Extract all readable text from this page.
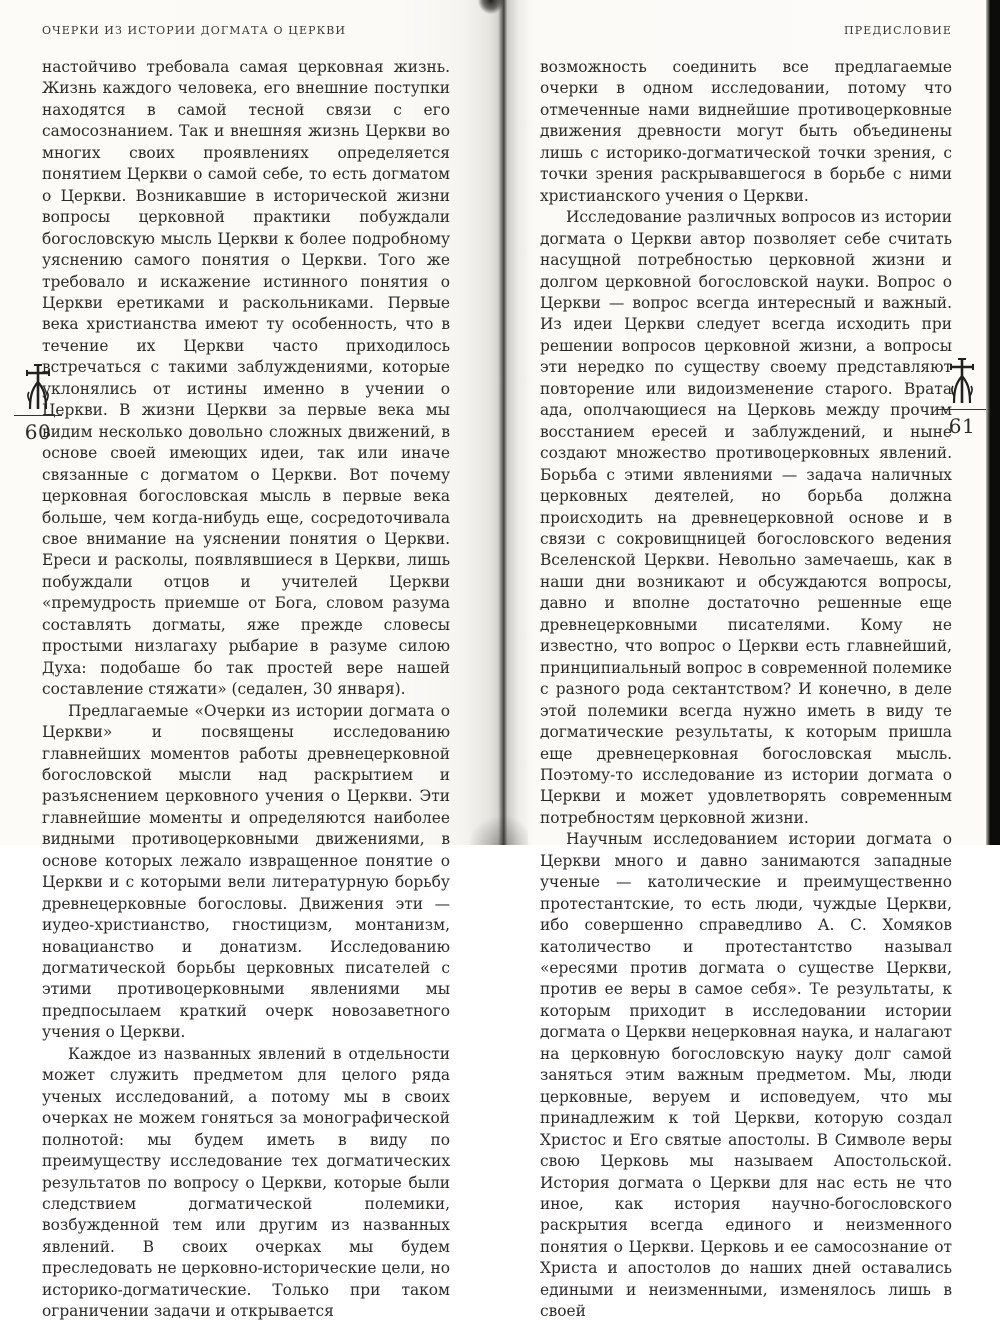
ОЧЕРКИ ИЗ ИСТОРИИ ДОГМАТА О ЦЕРКВИ

настойчиво требовала самая церковная жизнь. Жизнь каждого человека, его внешние поступки находятся в самой тесной связи с его самосознанием. Так и внешняя жизнь Церкви во многих своих проявлениях определяется понятием Церкви о самой себе, то есть догматом о Церкви. Возникавшие в исторической жизни вопросы церковной практики побуждали богословскую мысль Церкви к более подробному уяснению самого понятия о Церкви. Того же требовало и искажение истинного понятия о Церкви еретиками и раскольниками. Первые века христианства имеют ту особенность, что в течение их Церкви часто приходилось встречаться с такими заблуждениями, которые уклонялись от истины именно в учении о Церкви. В жизни Церкви за первые века мы видим несколько довольно сложных движений, в основе своей имеющих идеи, так или иначе связанные с догматом о Церкви. Вот почему церковная богословская мысль в первые века больше, чем когда-нибудь еще, сосредоточивала свое внимание на уяснении понятия о Церкви. Ереси и расколы, появлявшиеся в Церкви, лишь побуждали отцов и учителей Церкви «премудрость приемше от Бога, словом разума составлять догматы, яже прежде словесы простыми низлагаху рыбарие в разуме силою Духа: подобаше бо так простей вере нашей составление стяжати» (седален, 30 января).

Предлагаемые «Очерки из истории догмата о Церкви» и посвящены исследованию главнейших моментов работы древнецерковной богословской мысли над раскрытием и разъяснением церковного учения о Церкви. Эти главнейшие моменты и определяются наиболее видными противоцерковными движениями, в основе которых лежало извращенное понятие о Церкви и с которыми вели литературную борьбу древнецерковные богословы. Движения эти — иудео-христианство, гностицизм, монтанизм, новацианство и донатизм. Исследованию догматической борьбы церковных писателей с этими противоцерковными явлениями мы предпосылаем краткий очерк новозаветного учения о Церкви.

Каждое из названных явлений в отдельности может служить предметом для целого ряда ученых исследований, а потому мы в своих очерках не можем гоняться за монографической полнотой: мы будем иметь в виду по преимуществу исследование тех догматических результатов по вопросу о Церкви, которые были следствием догматической полемики, возбужденной тем или другим из названных явлений. В своих очерках мы будем преследовать не церковно-исторические цели, но историко-догматические. Только при таком ограничении задачи и открывается

ПРЕДИСЛОВИЕ

возможность соединить все предлагаемые очерки в одном исследовании, потому что отмеченные нами виднейшие противоцерковные движения древности могут быть объединены лишь с историко-догматической точки зрения, с точки зрения раскрывавшегося в борьбе с ними христианского учения о Церкви.

Исследование различных вопросов из истории догмата о Церкви автор позволяет себе считать насущной потребностью церковной жизни и долгом церковной богословской науки. Вопрос о Церкви — вопрос всегда интересный и важный. Из идеи Церкви следует всегда исходить при решении вопросов церковной жизни, а вопросы эти нередко по существу своему представляют повторение или видоизменение старого. Врата ада, ополчающиеся на Церковь между прочим восстанием ересей и заблуждений, и ныне создают множество противоцерковных явлений. Борьба с этими явлениями — задача наличных церковных деятелей, но борьба должна происходить на древнецерковной основе и в связи с сокровищницей богословского ведения Вселенской Церкви. Невольно замечаешь, как в наши дни возникают и обсуждаются вопросы, давно и вполне достаточно решенные еще древнецерковными писателями. Кому не известно, что вопрос о Церкви есть главнейший, принципиальный вопрос в современной полемике с разного рода сектантством? И конечно, в деле этой полемики всегда нужно иметь в виду те догматические результаты, к которым пришла еще древнецерковная богословская мысль. Поэтому-то исследование из истории догмата о Церкви и может удовлетворять современным потребностям церковной жизни.

Научным исследованием истории догмата о Церкви много и давно занимаются западные ученые — католические и преимущественно протестантские, то есть люди, чуждые Церкви, ибо совершенно справедливо А. С. Хомяков католичество и протестантство называл «ересями против догмата о существе Церкви, против ее веры в самое себя». Те результаты, к которым приходит в исследовании истории догмата о Церкви нецерковная наука, и налагают на церковную богословскую науку долг самой заняться этим важным предметом. Мы, люди церковные, веруем и исповедуем, что мы принадлежим к той Церкви, которую создал Христос и Его святые апостолы. В Символе веры свою Церковь мы называем Апостольской. История догмата о Церкви для нас есть не что иное, как история научно-богословского раскрытия всегда единого и неизменного понятия о Церкви. Церковь и ее самосознание от Христа и апостолов до наших дней оставались едиными и неизменными, изменялось лишь в своей

60	61
